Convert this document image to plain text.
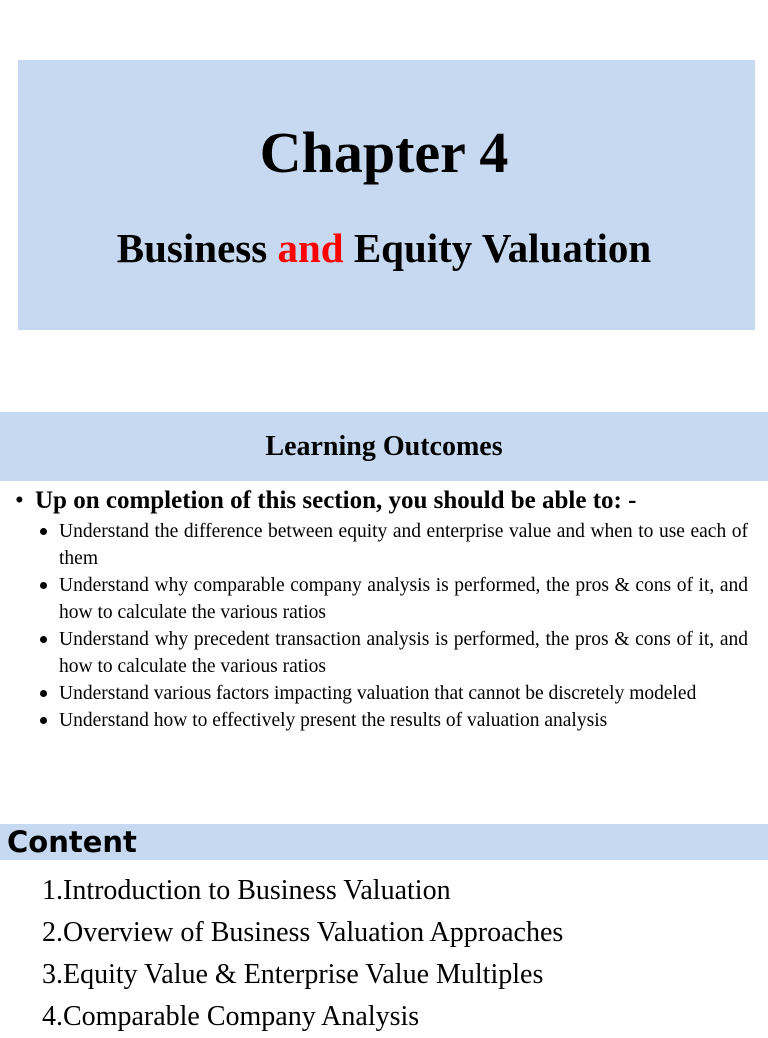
Chapter 4
Business and Equity Valuation
Learning Outcomes

• Up on completion of this section, you should be able to: -

Understand the difference between equity and enterprise value and when to use each of them
Understand why comparable company analysis is performed, the pros & cons of it, and how to calculate the various ratios
Understand why precedent transaction analysis is performed, the pros & cons of it, and how to calculate the various ratios
Understand various factors impacting valuation that cannot be discretely modeled
Understand how to effectively present the results of valuation analysis
Content
1.Introduction to Business Valuation
2.Overview of Business Valuation Approaches
3.Equity Value & Enterprise Value Multiples
4.Comparable Company Analysis
